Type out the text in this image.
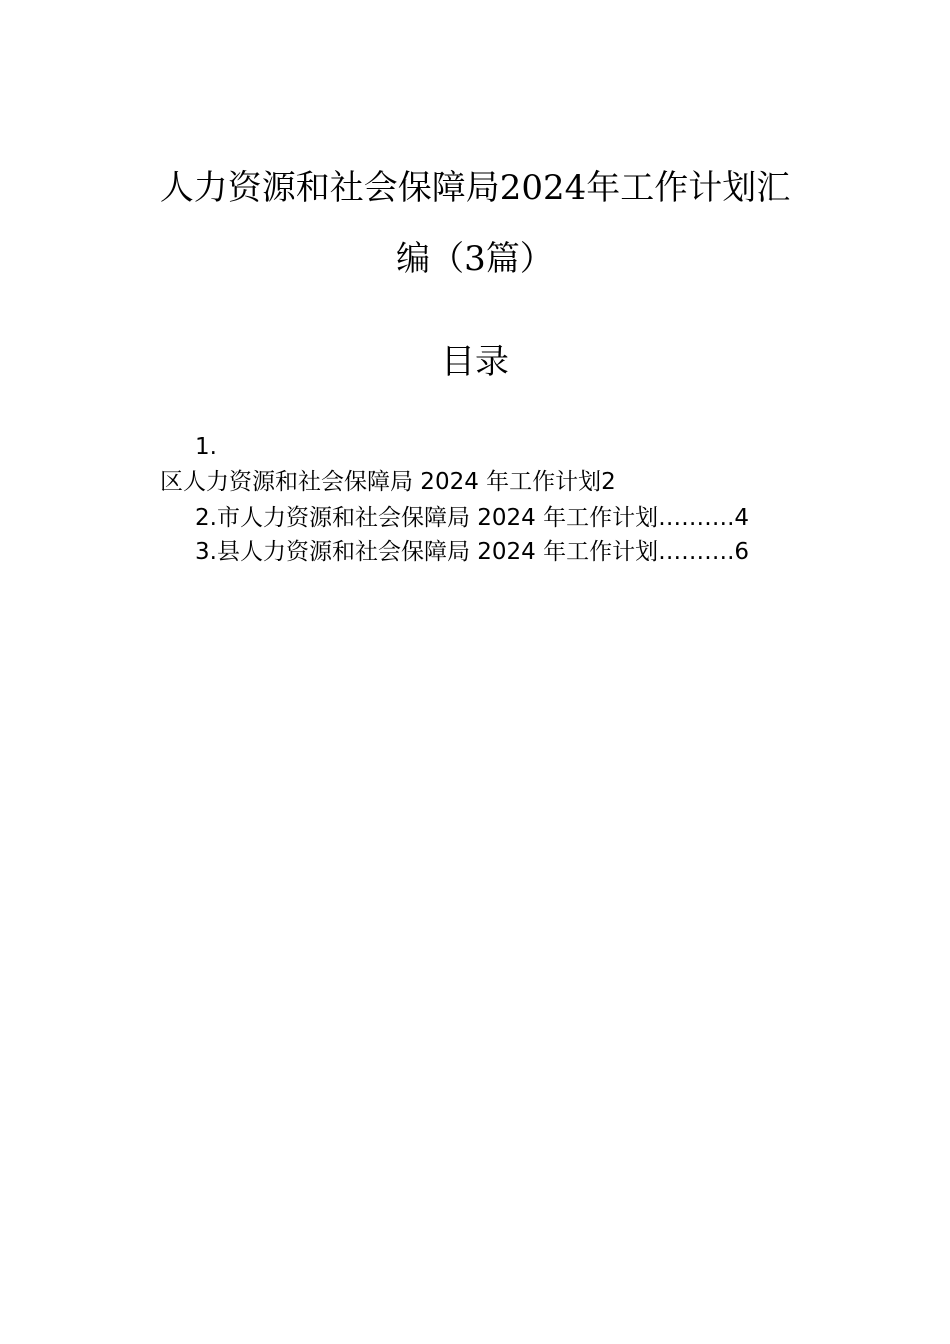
人力资源和社会保障局2024年工作计划汇
编（3篇）
目录
1.
区人力资源和社会保障局 2024 年工作计划2
2.市人力资源和社会保障局 2024 年工作计划……….4
3.县人力资源和社会保障局 2024 年工作计划……….6
